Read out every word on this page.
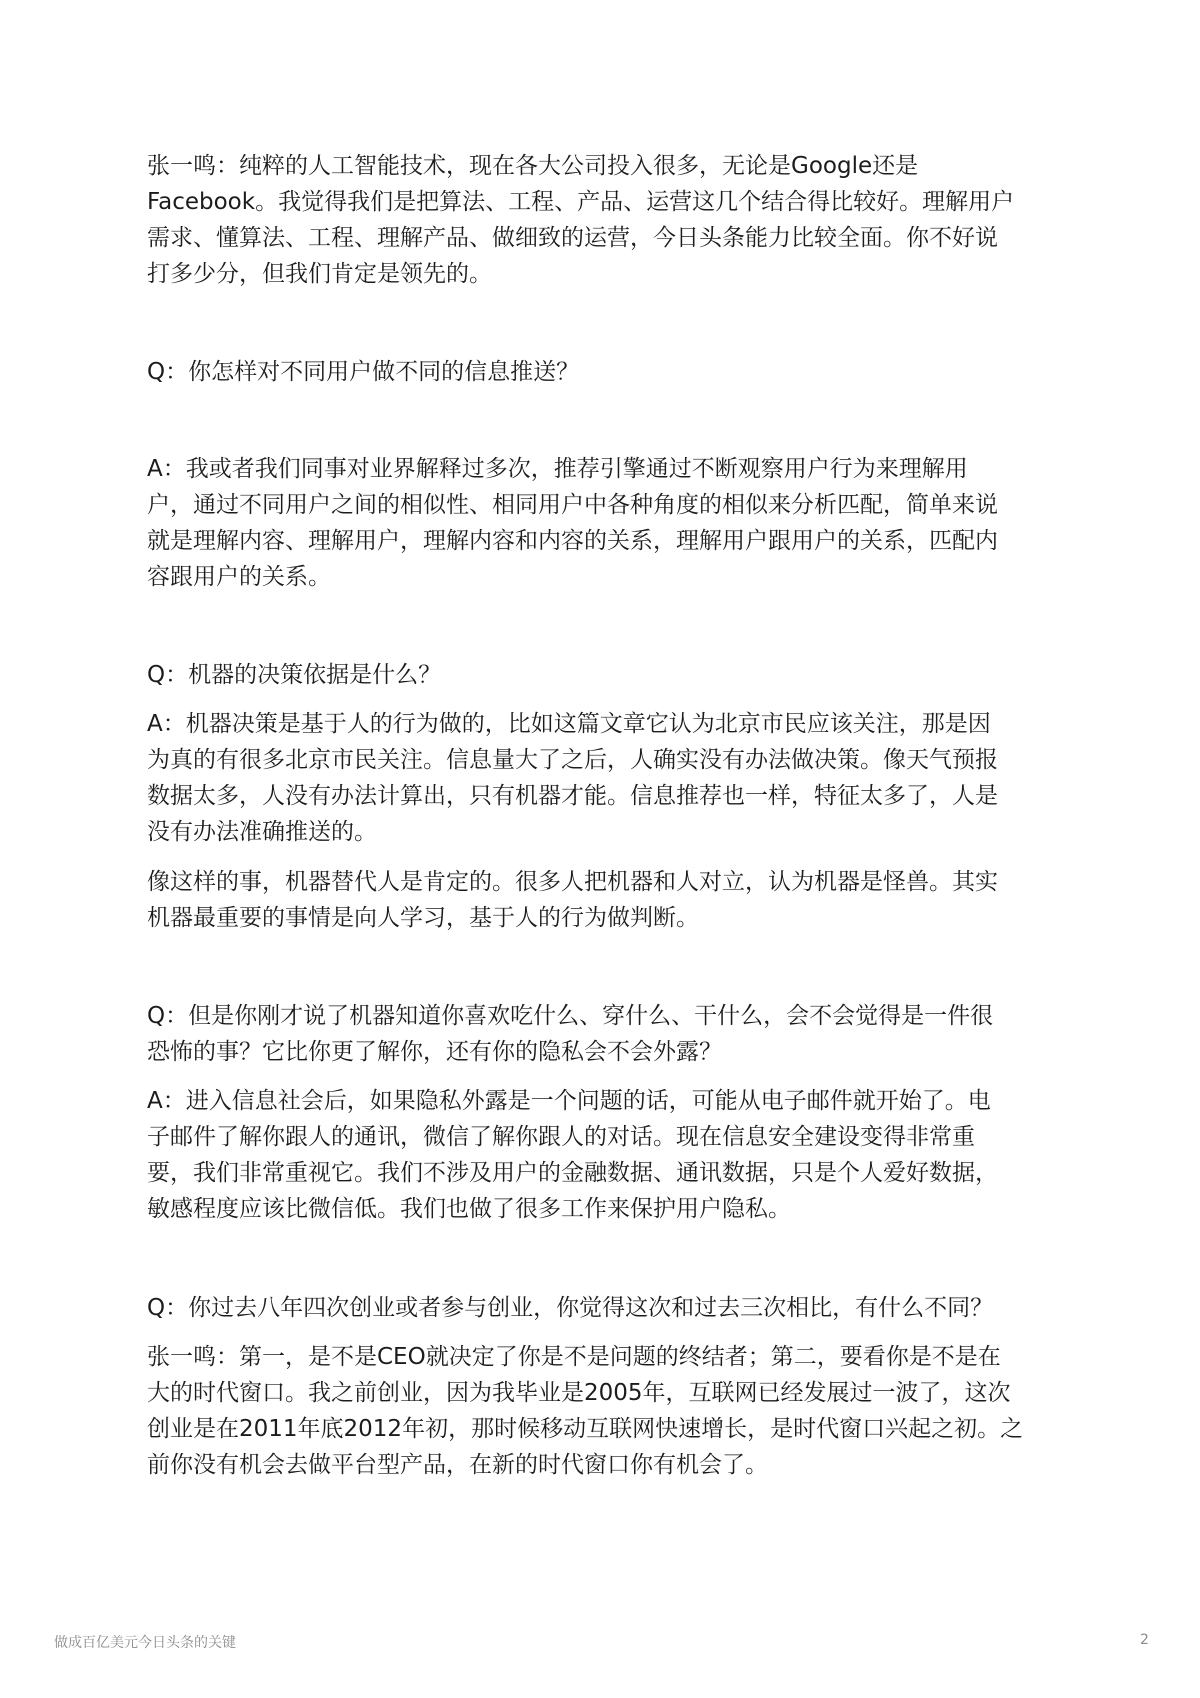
张一鸣：纯粹的人工智能技术，现在各大公司投入很多，无论是Google还是
Facebook。我觉得我们是把算法、工程、产品、运营这几个结合得比较好。理解用户
需求、懂算法、工程、理解产品、做细致的运营，今日头条能力比较全面。你不好说
打多少分，但我们肯定是领先的。
Q：你怎样对不同用户做不同的信息推送？
A：我或者我们同事对业界解释过多次，推荐引擎通过不断观察用户行为来理解用
户，通过不同用户之间的相似性、相同用户中各种角度的相似来分析匹配，简单来说
就是理解内容、理解用户，理解内容和内容的关系，理解用户跟用户的关系，匹配内
容跟用户的关系。
Q：机器的决策依据是什么？
A：机器决策是基于人的行为做的，比如这篇文章它认为北京市民应该关注，那是因
为真的有很多北京市民关注。信息量大了之后，人确实没有办法做决策。像天气预报
数据太多，人没有办法计算出，只有机器才能。信息推荐也一样，特征太多了，人是
没有办法准确推送的。
像这样的事，机器替代人是肯定的。很多人把机器和人对立，认为机器是怪兽。其实
机器最重要的事情是向人学习，基于人的行为做判断。
Q：但是你刚才说了机器知道你喜欢吃什么、穿什么、干什么，会不会觉得是一件很
恐怖的事？它比你更了解你，还有你的隐私会不会外露？
A：进入信息社会后，如果隐私外露是一个问题的话，可能从电子邮件就开始了。电
子邮件了解你跟人的通讯，微信了解你跟人的对话。现在信息安全建设变得非常重
要，我们非常重视它。我们不涉及用户的金融数据、通讯数据，只是个人爱好数据，
敏感程度应该比微信低。我们也做了很多工作来保护用户隐私。
Q：你过去八年四次创业或者参与创业，你觉得这次和过去三次相比，有什么不同？
张一鸣：第一，是不是CEO就决定了你是不是问题的终结者；第二，要看你是不是在
大的时代窗口。我之前创业，因为我毕业是2005年，互联网已经发展过一波了，这次
创业是在2011年底2012年初，那时候移动互联网快速增长，是时代窗口兴起之初。之
前你没有机会去做平台型产品，在新的时代窗口你有机会了。
做成百亿美元今日头条的关键	2
